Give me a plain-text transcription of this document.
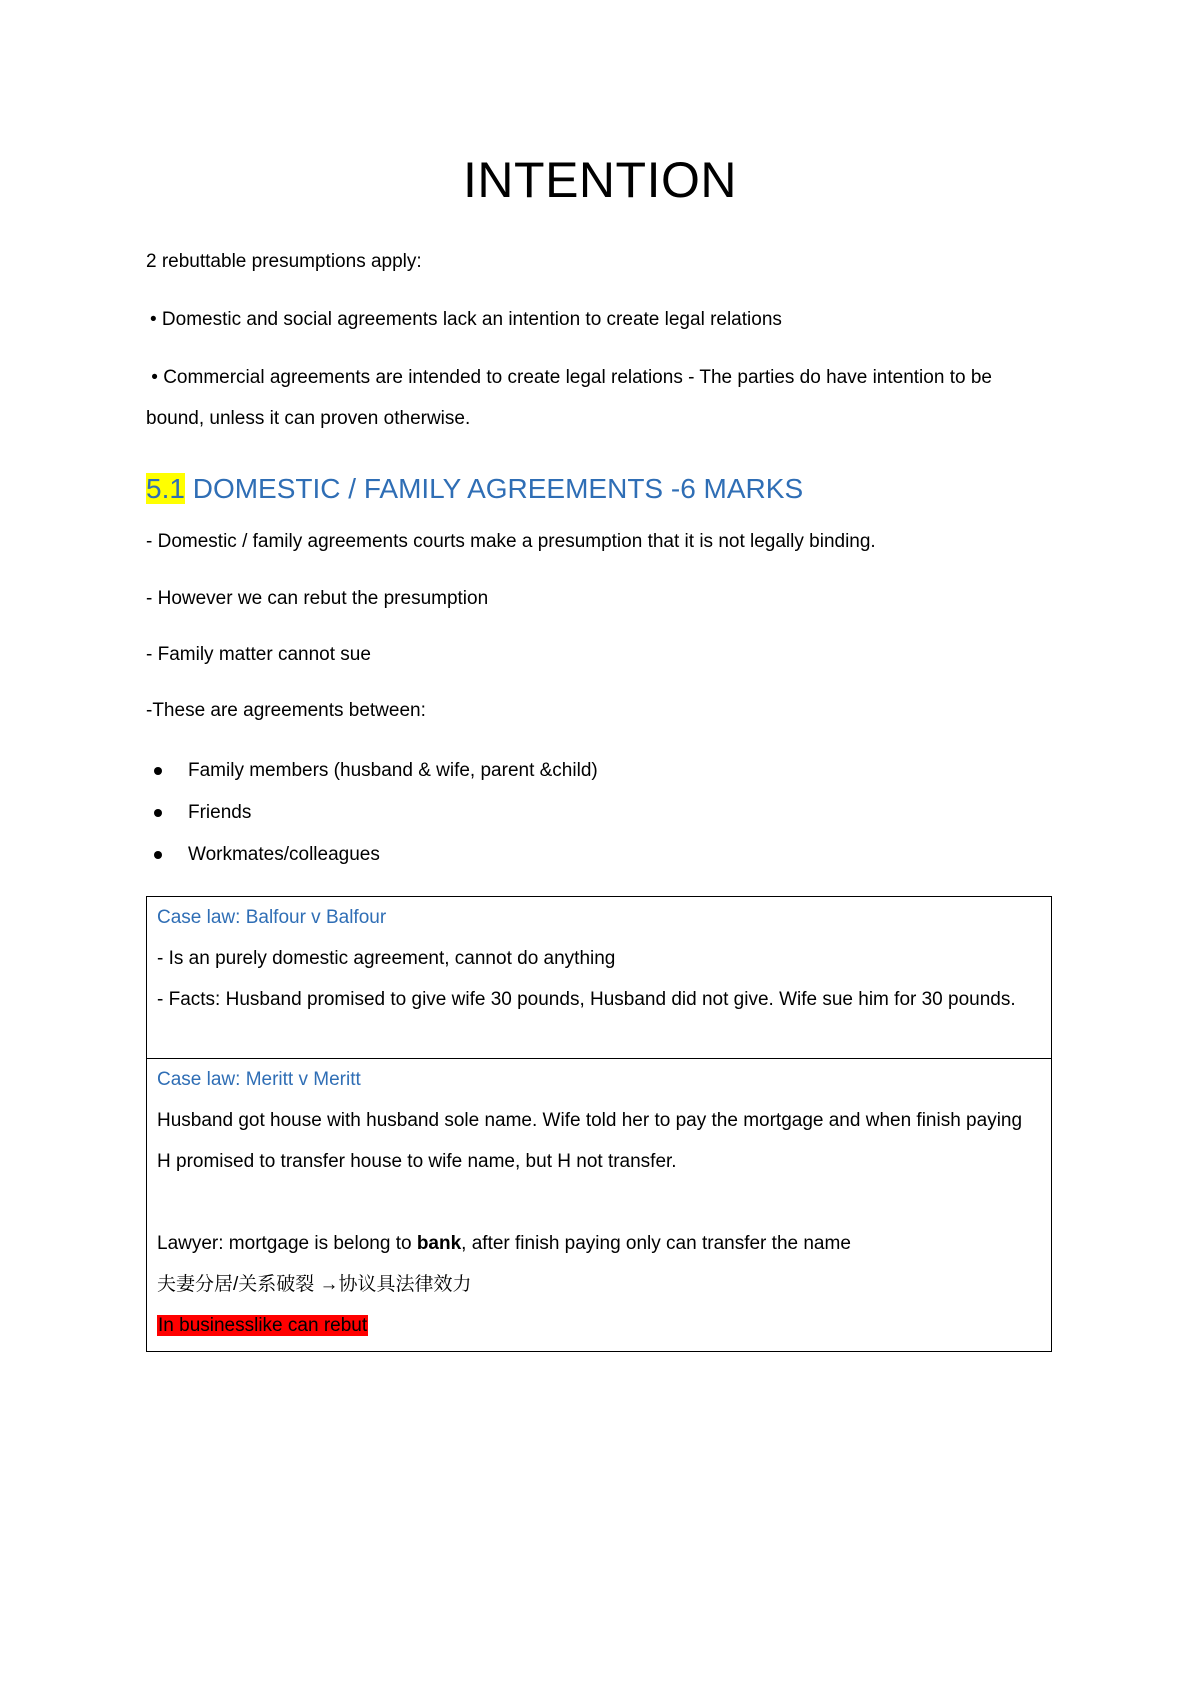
INTENTION
2 rebuttable presumptions apply:
• Domestic and social agreements lack an intention to create legal relations
• Commercial agreements are intended to create legal relations - The parties do have intention to be bound, unless it can proven otherwise.
5.1 DOMESTIC / FAMILY AGREEMENTS -6 MARKS
- Domestic / family agreements courts make a presumption that it is not legally binding.
- However we can rebut the presumption
- Family matter cannot sue
-These are agreements between:
Family members (husband & wife, parent &child)
Friends
Workmates/colleagues
Case law: Balfour v Balfour
- Is an purely domestic agreement, cannot do anything
- Facts: Husband promised to give wife 30 pounds, Husband did not give. Wife sue him for 30 pounds.
Case law: Meritt v Meritt
Husband got house with husband sole name. Wife told her to pay the mortgage and when finish paying H promised to transfer house to wife name, but H not transfer.
Lawyer: mortgage is belong to bank, after finish paying only can transfer the name
夫妻分居/关系破裂 →协议具法律效力
In businesslike can rebut
